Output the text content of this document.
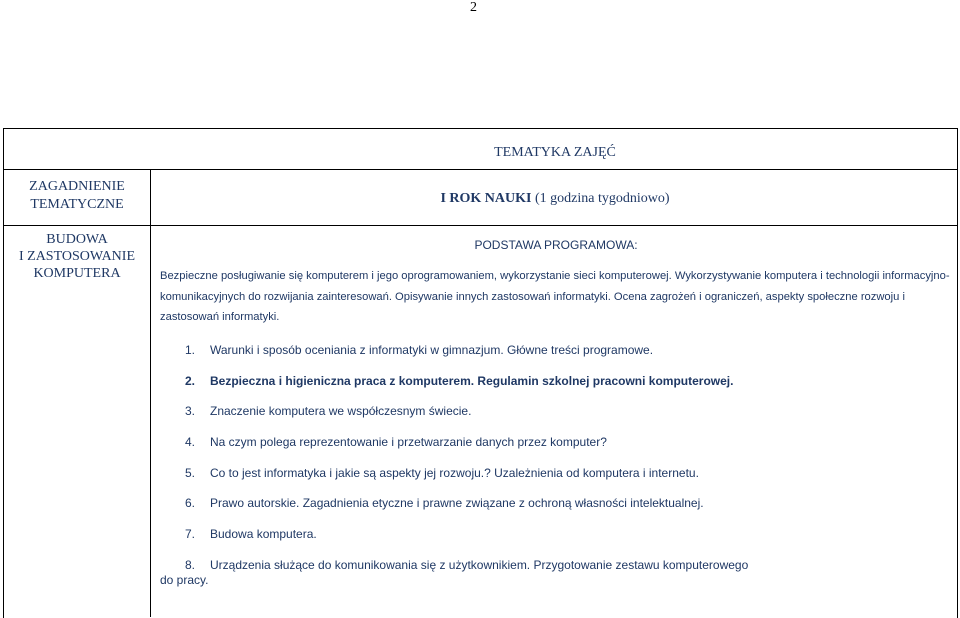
2
TEMATYKA ZAJĘĆ
ZAGADNIENIE
TEMATYCZNE	I ROK NAUKI (1 godzina tygodniowo)
BUDOWA
I ZASTOSOWANIE
KOMPUTERA
PODSTAWA PROGRAMOWA:
Bezpieczne posługiwanie się komputerem i jego oprogramowaniem, wykorzystanie sieci komputerowej. Wykorzystywanie komputera i technologii informacyjno-komunikacyjnych do rozwijania zainteresowań. Opisywanie innych zastosowań informatyki. Ocena zagrożeń i ograniczeń, aspekty społeczne rozwoju i zastosowań informatyki.
1. Warunki i sposób oceniania z informatyki w gimnazjum. Główne treści programowe.
2. Bezpieczna i higieniczna praca z komputerem. Regulamin szkolnej pracowni komputerowej.
3. Znaczenie komputera we współczesnym świecie.
4. Na czym polega reprezentowanie i przetwarzanie danych przez komputer?
5. Co to jest informatyka i jakie są aspekty jej rozwoju.? Uzależnienia od komputera i internetu.
6. Prawo autorskie. Zagadnienia etyczne i prawne związane z ochroną własności intelektualnej.
7. Budowa komputera.
8. Urządzenia służące do komunikowania się z użytkownikiem. Przygotowanie zestawu komputerowego
do pracy.
